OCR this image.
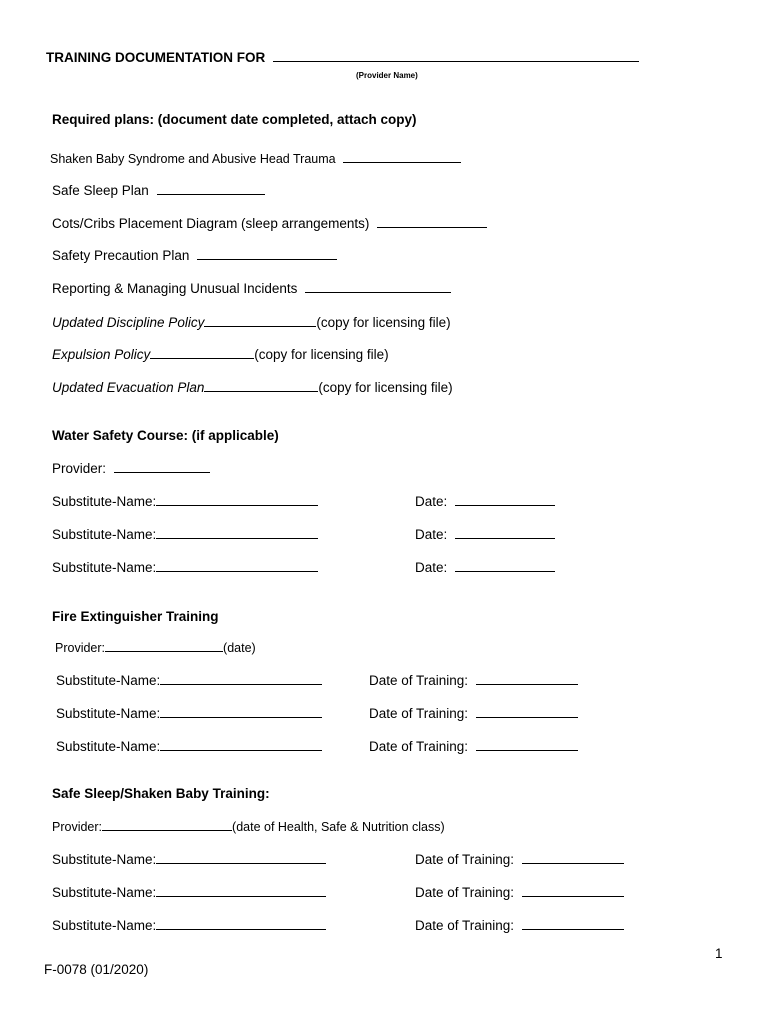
TRAINING DOCUMENTATION FOR
(Provider Name)
Required plans: (document date completed, attach copy)
Shaken Baby Syndrome and Abusive Head Trauma
Safe Sleep Plan
Cots/Cribs Placement Diagram (sleep arrangements)
Safety Precaution Plan
Reporting & Managing Unusual Incidents
Updated Discipline Policy	(copy for licensing file)
Expulsion Policy	(copy for licensing file)
Updated Evacuation Plan	(copy for licensing file)
Water Safety Course: (if applicable)
Provider:
Substitute-Name:	Date:
Substitute-Name:	Date:
Substitute-Name:	Date:
Fire Extinguisher Training
Provider:	(date)
Substitute-Name:	Date of Training:
Substitute-Name:	Date of Training:
Substitute-Name:	Date of Training:
Safe Sleep/Shaken Baby Training:
Provider:	(date of Health, Safe & Nutrition class)
Substitute-Name:	Date of Training:
Substitute-Name:	Date of Training:
Substitute-Name:	Date of Training:
1
F-0078 (01/2020)
